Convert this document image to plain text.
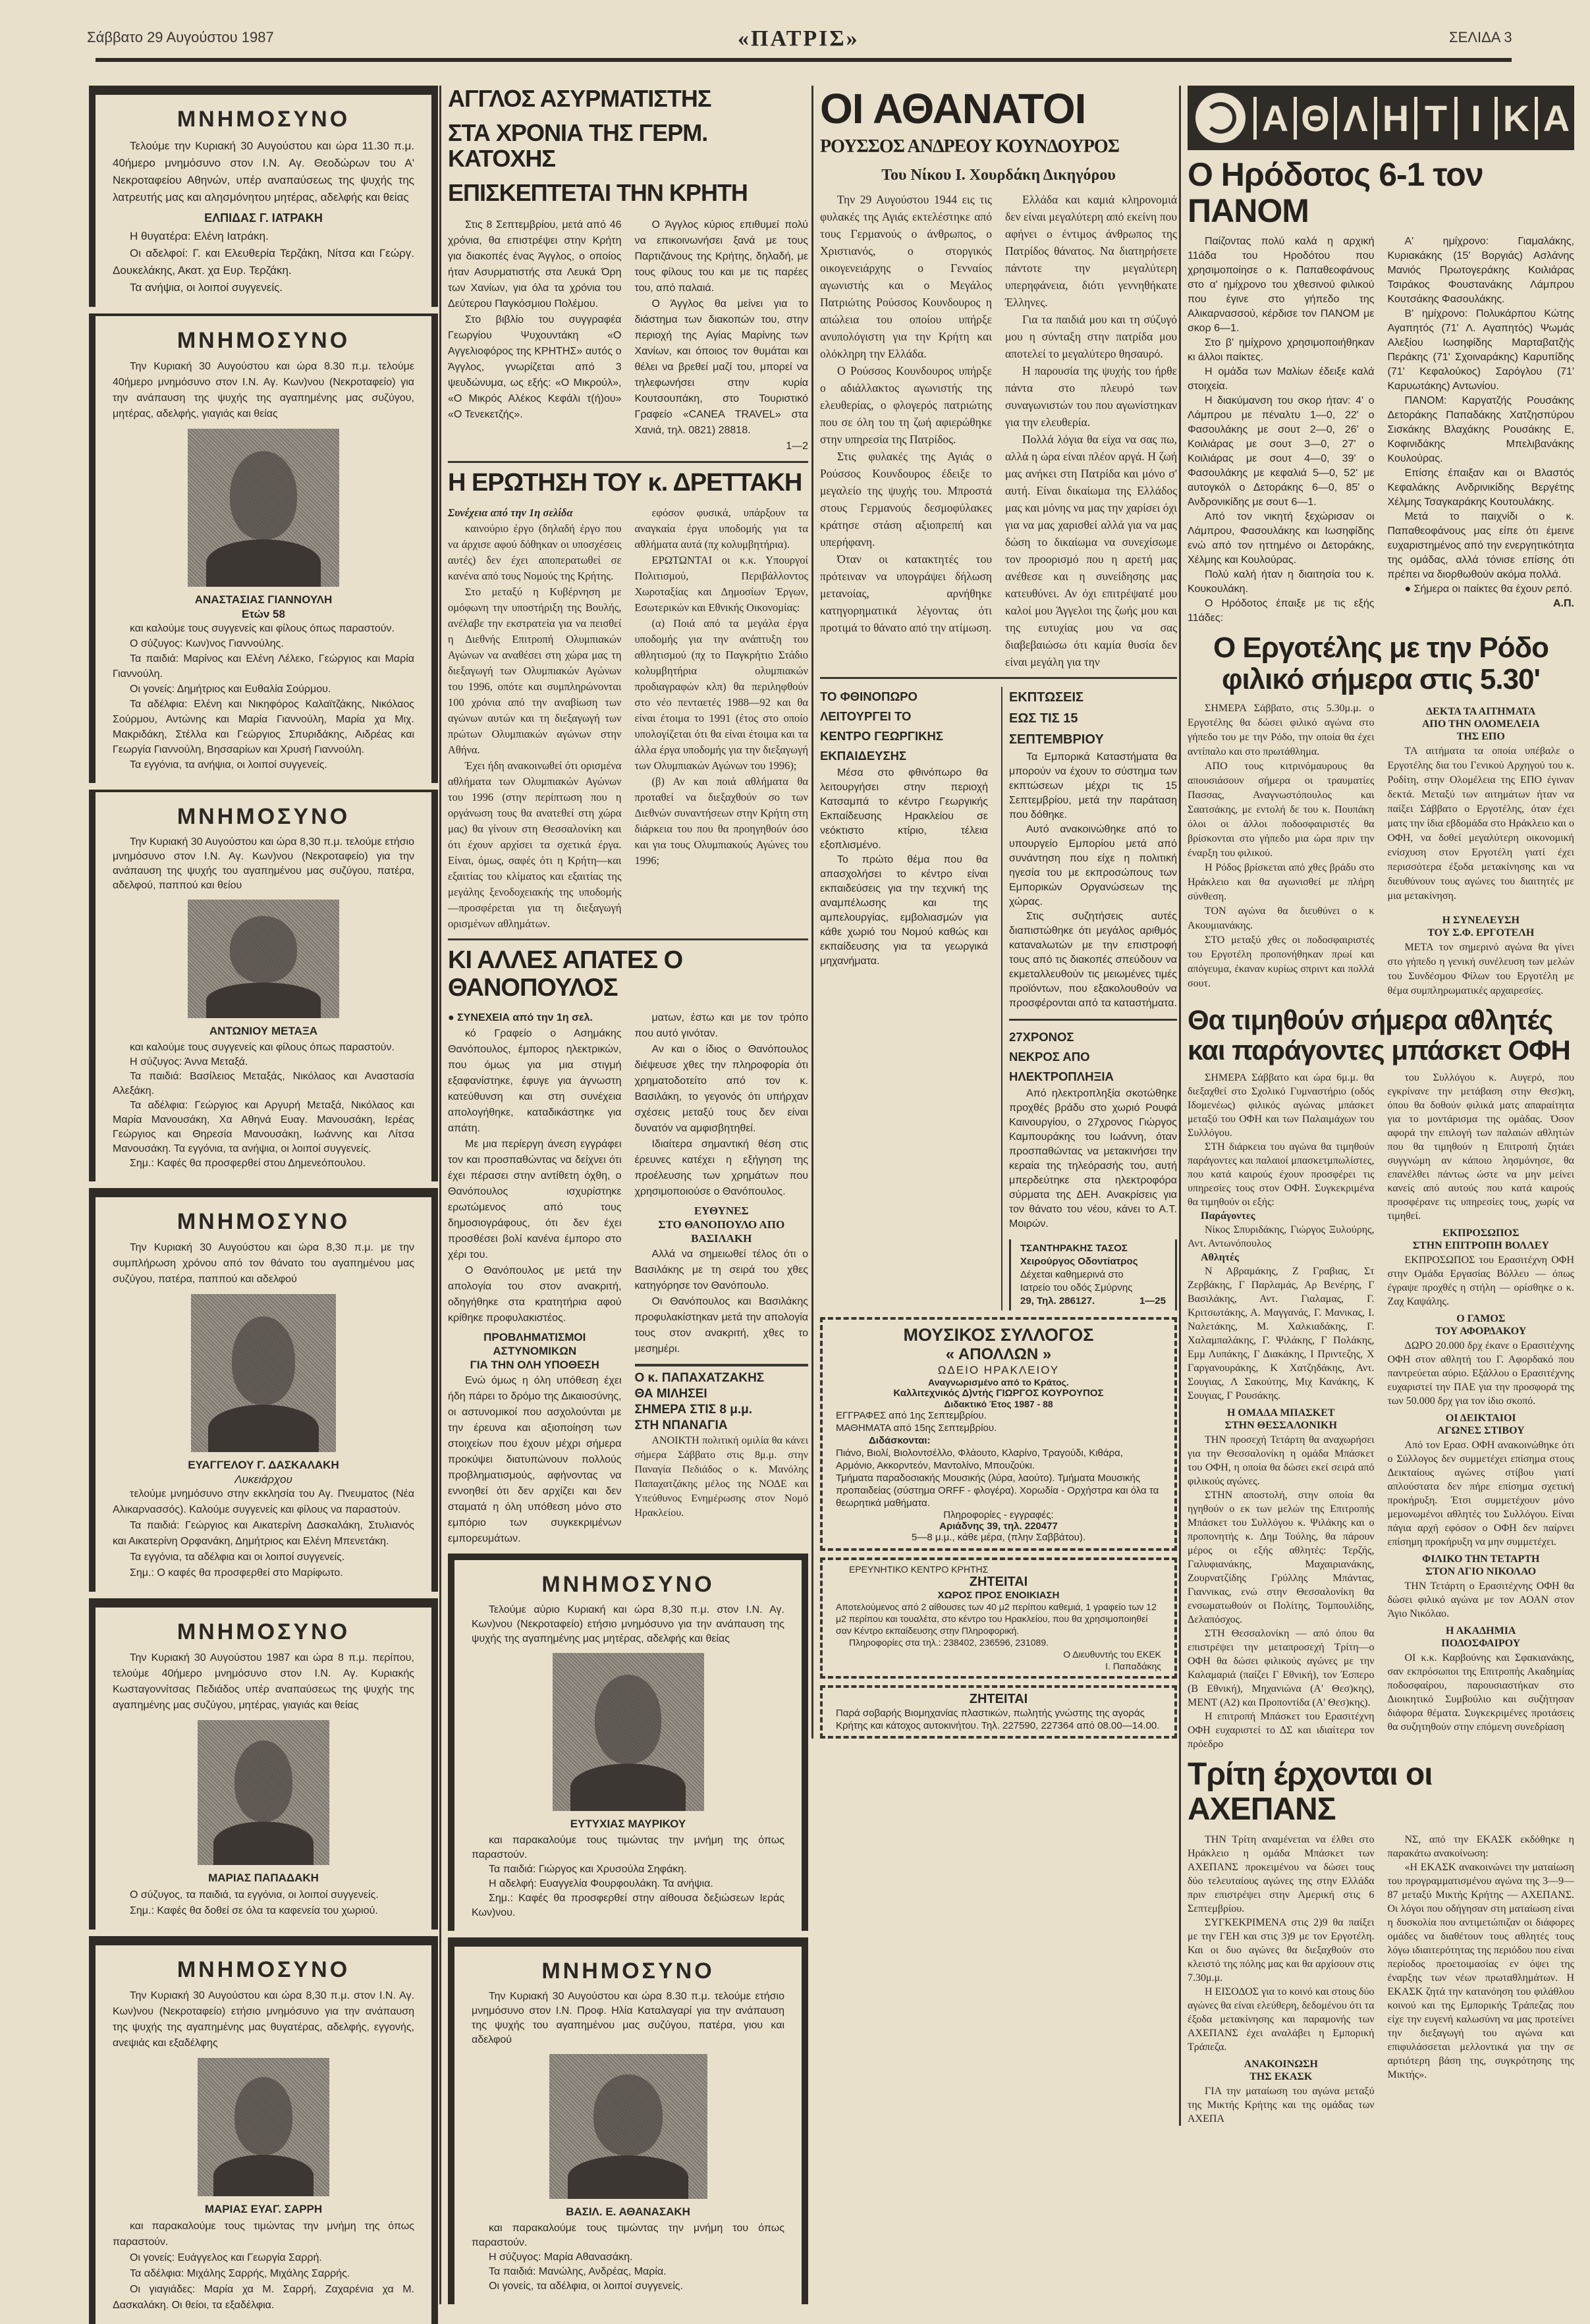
Σάββατο 29 Αυγούστου 1987	«ΠΑΤΡΙΣ»	ΣΕΛΙΔΑ 3
ΜΝΗΜΟΣΥΝΟ

Τελούμε την Κυριακή 30 Αυγούστου και ώρα 11.30 π.μ. 40ήμερο μνημόσυνο στον Ι.Ν. Αγ. Θεοδώρων του Α' Νεκροταφείου Αθηνών, υπέρ αναπαύσεως της ψυχής της λατρευτής μας και αλησμόνητου μητέρας, αδελφής και θείας

ΕΛΠΙΔΑΣ Γ. ΙΑΤΡΑΚΗ

Η θυγατέρα: Ελένη Ιατράκη.

Οι αδελφοί: Γ. και Ελευθερία Τερζάκη, Νίτσα και Γεώργ. Δουκελάκης, Ακατ. χα Ευρ. Τερζάκη.

Τα ανήψια, οι λοιποί συγγενείς.

ΜΝΗΜΟΣΥΝΟ

Την Κυριακή 30 Αυγούστου και ώρα 8.30 π.μ. τελούμε 40ήμερο μνημόσυνο στον Ι.Ν. Αγ. Κων)νου (Νεκροταφείο) για την ανάπαυση της ψυχής της αγαπημένης μας συζύγου, μητέρας, αδελφής, γιαγιάς και θείας

ΑΝΑΣΤΑΣΙΑΣ ΓΙΑΝΝΟΥΛΗ
Ετών 58

και καλούμε τους συγγενείς και φίλους όπως παραστούν.

Ο σύζυγος: Κων)νος Γιαννούλης.

Τα παιδιά: Μαρίνος και Ελένη Λέλεκο, Γεώργιος και Μαρία Γιαννούλη.

Οι γονείς: Δημήτριος και Ευθαλία Σούρμου.

Τα αδέλφια: Ελένη και Νικηφόρος Καλαϊτζάκης, Νικόλαος Σούρμου, Αντώνης και Μαρία Γιαννούλη, Μαρία χα Μιχ. Μακριδάκη, Στέλλα και Γεώργιος Σπυριδάκης, Αιδρέας και Γεωργία Γιαννούλη, Βησσαρίων και Χρυσή Γιαννούλη.

Τα εγγόνια, τα ανήψια, οι λοιποί συγγενείς.

ΜΝΗΜΟΣΥΝΟ

Την Κυριακή 30 Αυγούστου και ώρα 8,30 π.μ. τελούμε ετήσιο μνημόσυνο στον Ι.Ν. Αγ. Κων)νου (Νεκροταφείο) για την ανάπαυση της ψυχής του αγαπημένου μας συζύγου, πατέρα, αδελφού, παππού και θείου

ΑΝΤΩΝΙΟΥ ΜΕΤΑΞΑ

και καλούμε τους συγγενείς και φίλους όπως παραστούν.

Η σύζυγος: Άννα Μεταξά.

Τα παιδιά: Βασίλειος Μεταξάς, Νικόλαος και Αναστασία Αλεξάκη.

Τα αδέλφια: Γεώργιος και Αργυρή Μεταξά, Νικόλαος και Μαρία Μανουσάκη, Χα Αθηνά Ευαγ. Μανουσάκη, Ιερέας Γεώργιος και Θηρεσία Μανουσάκη, Ιωάννης και Λίτσα Μανουσάκη. Τα εγγόνια, τα ανήψια, οι λοιποί συγγενείς.

Σημ.: Καφές θα προσφερθεί στου Δημενεόπουλου.

ΜΝΗΜΟΣΥΝΟ

Την Κυριακή 30 Αυγούστου και ώρα 8,30 π.μ. με την συμπλήρωση χρόνου από τον θάνατο του αγαπημένου μας συζύγου, πατέρα, παππού και αδελφού

ΕΥΑΓΓΕΛΟΥ Γ. ΔΑΣΚΑΛΑΚΗ
Λυκειάρχου

τελούμε μνημόσυνο στην εκκλησία του Αγ. Πνευματος (Νέα Αλικαρνασσός). Καλούμε συγγενείς και φίλους να παραστούν.

Τα παιδιά: Γεώργιος και Αικατερίνη Δασκαλάκη, Στυλιανός και Αικατερίνη Ορφανάκη, Δημήτριος και Ελένη Μπενετάκη.

Τα εγγόνια, τα αδέλφια και οι λοιποί συγγενείς.

Σημ.: Ο καφές θα προσφερθεί στο Μαρίφωτο.

ΜΝΗΜΟΣΥΝΟ

Την Κυριακή 30 Αυγούστου 1987 και ώρα 8 π.μ. περίπου, τελούμε 40ήμερο μνημόσυνο στον Ι.Ν. Αγ. Κυριακής Κωσταγοννίτσας Πεδιάδος υπέρ αναπαύσεως της ψυχής της αγαπημένης μας συζύγου, μητέρας, γιαγιάς και θείας

ΜΑΡΙΑΣ ΠΑΠΑΔΑΚΗ

Ο σύζυγος, τα παιδιά, τα εγγόνια, οι λοιποί συγγενείς.

Σημ.: Καφές θα δοθεί σε όλα τα καφενεία του χωριού.

ΜΝΗΜΟΣΥΝΟ

Την Κυριακή 30 Αυγούστου και ώρα 8,30 π.μ. στον Ι.Ν. Αγ. Κων)νου (Νεκροταφείο) ετήσιο μνημόσυνο για την ανάπαυση της ψυχής της αγαπημένης μας θυγατέρας, αδελφής, εγγονής, ανεψιάς και εξαδέλφης

ΜΑΡΙΑΣ ΕΥΑΓ. ΣΑΡΡΗ

και παρακαλούμε τους τιμώντας την μνήμη της όπως παραστούν.

Οι γονείς: Ευάγγελος και Γεωργία Σαρρή.

Τα αδέλφια: Μιχάλης Σαρρής, Μιχάλης Σαρρής.

Οι γιαγιάδες: Μαρία χα Μ. Σαρρή, Ζαχαρένια χα Μ. Δασκαλάκη. Οι θείοι, τα εξαδέλφια.

ΑΓΓΛΟΣ ΑΣΥΡΜΑΤΙΣΤΗΣ
ΣΤΑ ΧΡΟΝΙΑ ΤΗΣ ΓΕΡΜ. ΚΑΤΟΧΗΣ
ΕΠΙΣΚΕΠΤΕΤΑΙ ΤΗΝ ΚΡΗΤΗ

Στις 8 Σεπτεμβρίου, μετά από 46 χρόνια, θα επιστρέψει στην Κρήτη για διακοπές ένας Άγγλος, ο οποίος ήταν Ασυρματιστής στα Λευκά Όρη των Χανίων, για όλα τα χρόνια του Δεύτερου Παγκόσμιου Πολέμου.

Στο βιβλίο του συγγραφέα Γεωργίου Ψυχουντάκη «Ο Αγγελιοφόρος της ΚΡΗΤΗΣ» αυτός ο Άγγλος, γνωρίζεται από 3 ψευδώνυμα, ως εξής: «Ο Μικρούλ», «Ο Μικρός Αλέκος Κεφάλι τ(ή)ου» «Ο Τενεκετζής».

Ο Άγγλος κύριος επιθυμεί πολύ να επικοινωνήσει ξανά με τους Παρτιζάνους της Κρήτης, δηλαδή, με τους φίλους του και με τις παρέες του, από παλαιά.

Ο Άγγλος θα μείνει για το διάστημα των διακοπών του, στην περιοχή της Αγίας Μαρίνης των Χανίων, και όποιος τον θυμάται και θέλει να βρεθεί μαζί του, μπορεί να τηλεφωνήσει στην κυρία Κουτσουπάκη, στο Τουριστικό Γραφείο «CANEA TRAVEL» στα Χανιά, τηλ. 0821) 28818.

1—2
Η ΕΡΩΤΗΣΗ ΤΟΥ κ. ΔΡΕΤΤΑΚΗ
Συνέχεια από την 1η σελίδα

καινούριο έργο (δηλαδή έργο που να άρχισε αφού δόθηκαν οι υποσχέσεις αυτές) δεν έχει αποπερατωθεί σε κανένα από τους Νομούς της Κρήτης.

Στο μεταξύ η Κυβέρνηση με ομόφωνη την υποστήριξη της Βουλής, ανέλαβε την εκστρατεία για να πεισθεί η Διεθνής Επιτροπή Ολυμπιακών Αγώνων να αναθέσει στη χώρα μας τη διεξαγωγή των Ολυμπιακών Αγώνων του 1996, οπότε και συμπληρώνονται 100 χρόνια από την αναβίωση των αγώνων αυτών και τη διεξαγωγή των πρώτων Ολυμπιακών αγώνων στην Αθήνα.

Έχει ήδη ανακοινωθεί ότι ορισμένα αθλήματα των Ολυμπιακών Αγώνων του 1996 (στην περίπτωση που η οργάνωση τους θα ανατεθεί στη χώρα μας) θα γίνουν στη Θεσσαλονίκη και ότι έχουν αρχίσει τα σχετικά έργα. Είναι, όμως, σαφές ότι η Κρήτη—και εξαιτίας του κλίματος και εξαιτίας της μεγάλης ξενοδοχειακής της υποδομής—προσφέρεται για τη διεξαγωγή ορισμένων αθλημάτων.

εφόσον φυσικά, υπάρξουν τα αναγκαία έργα υποδομής για τα αθλήματα αυτά (πχ κολυμβητήρια).

ΕΡΩΤΩΝΤΑΙ οι κ.κ. Υπουργοί Πολιτισμού, Περιβάλλοντος Χωροταξίας και Δημοσίων Έργων, Εσωτερικών και Εθνικής Οικονομίας:

(α) Ποιά από τα μεγάλα έργα υποδομής για την ανάπτυξη του αθλητισμού (πχ το Παγκρήτιο Στάδιο κολυμβητήρια ολυμπιακών προδιαγραφών κλπ) θα περιληφθούν στο νέο πενταετές 1988—92 και θα είναι έτοιμα το 1991 (έτος στο οποίο υπολογίζεται ότι θα είναι έτοιμα και τα άλλα έργα υποδομής για την διεξαγωγή των Ολυμπιακών Αγώνων του 1996);

(β) Αν και ποιά αθλήματα θα προταθεί να διεξαχθούν σο των Διεθνών συναντήσεων στην Κρήτη στη διάρκεια του που θα προηγηθούν όσο και για τους Ολυμπιακούς Αγώνες του 1996;

ΚΙ ΑΛΛΕΣ ΑΠΑΤΕΣ Ο ΘΑΝΟΠΟΥΛΟΣ
● ΣΥΝΕΧΕΙΑ από την 1η σελ.

κό Γραφείο ο Ασημάκης Θανόπουλος, έμπορος ηλεκτρικών, που όμως για μια στιγμή εξαφανίστηκε, έφυγε για άγνωστη κατεύθυνση και στη συνέχεια απολογήθηκε, καταδικάστηκε για απάτη.

Με μια περίεργη άνεση εγγράφει τον και προσπαθώντας να δείχνει ότι έχει πέρασει στην αντίθετη όχθη, ο Θανόπουλος ισχυρίστηκε ερωτώμενος από τους δημοσιογράφους, ότι δεν έχει προσθέσει βολί κανένα έμπορο στο χέρι του.

Ο Θανόπουλος με μετά την απολογία του στον ανακριτή, οδηγήθηκε στα κρατητήρια αφού κρίθηκε προφυλακιστέος.

ΠΡΟΒΛΗΜΑΤΙΣΜΟΙ
ΑΣΤΥΝΟΜΙΚΩΝ
ΓΙΑ ΤΗΝ ΟΛΗ ΥΠΟΘΕΣΗ

Ενώ όμως η όλη υπόθεση έχει ήδη πάρει το δρόμο της Δικαιοσύνης, οι αστυνομικοί που ασχολούνται με την έρευνα και αξιοποίηση των στοιχείων που έχουν μέχρι σήμερα προκύψει διατυπώνουν πολλούς προβληματισμούς, αφήνοντας να εννοηθεί ότι δεν αρχίζει και δεν σταματά η όλη υπόθεση μόνο στο εμπόριο των συγκεκριμένων εμπορευμάτων.

ματων, έστω και με τον τρόπο που αυτό γινόταν.

Αν και ο ίδιος ο Θανόπουλος διέψευσε χθες την πληροφορία ότι χρηματοδοτείτο από τον κ. Βασιλάκη, το γεγονός ότι υπήρχαν σχέσεις μεταξύ τους δεν είναι δυνατόν να αμφισβητηθεί.

Ιδιαίτερα σημαντική θέση στις έρευνες κατέχει η εξήγηση της προέλευσης των χρημάτων που χρησιμοποιούσε ο Θανόπουλος.

ΕΥΘΥΝΕΣ
ΣΤΟ ΘΑΝΟΠΟΥΛΟ ΑΠΟ
ΒΑΣΙΛΑΚΗ

Αλλά να σημειωθεί τέλος ότι ο Βασιλάκης με τη σειρά του χθες κατηγόρησε τον Θανόπουλο.

Οι Θανόπουλος και Βασιλάκης προφυλακίστηκαν μετά την απολογία τους στον ανακριτή, χθες το μεσημέρι.

Ο κ. ΠΑΠΑΧΑΤΖΑΚΗΣ
ΘΑ ΜΙΛΗΣΕΙ
ΣΗΜΕΡΑ ΣΤΙΣ 8 μ.μ.
ΣΤΗ ΝΠΑΝΑΓΙΑ

ΑΝΟΙΚΤΗ πολιτική ομιλία θα κάνει σήμερα Σάββατο στις 8μ.μ. στην Παναγία Πεδιάδος ο κ. Μανόλης Παπαχατζάκης μέλος της ΝΟΔΕ και Υπεύθυνος Ενημέρωσης στον Νομό Ηρακλείου.

ΜΝΗΜΟΣΥΝΟ

Τελούμε αύριο Κυριακή και ώρα 8,30 π.μ. στον Ι.Ν. Αγ. Κων)νου (Νεκροταφείο) ετήσιο μνημόσυνο για την ανάπαυση της ψυχής της αγαπημένης μας μητέρας, αδελφής και θείας

ΕΥΤΥΧΙΑΣ ΜΑΥΡΙΚΟΥ

και παρακαλούμε τους τιμώντας την μνήμη της όπως παραστούν.

Τα παιδιά: Γιώργος και Χρυσούλα Σηφάκη.

Η αδελφή: Ευαγγελία Φουρφουλάκη. Τα ανήψια.

Σημ.: Καφές θα προσφερθεί στην αίθουσα δεξιώσεων Ιεράς Κων)νου.

ΜΝΗΜΟΣΥΝΟ

Την Κυριακή 30 Αυγούστου και ώρα 8.30 π.μ. τελούμε ετήσιο μνημόσυνο στον Ι.Ν. Προφ. Ηλία Καταλαγαρί για την ανάπαυση της ψυχής του αγαπημένου μας συζύγου, πατέρα, γιου και αδελφού

ΒΑΣΙΛ. Ε. ΑΘΑΝΑΣΑΚΗ

και παρακαλούμε τους τιμώντας την μνήμη του όπως παραστούν.

Η σύζυγος: Μαρία Αθανασάκη.

Τα παιδιά: Μανώλης, Ανδρέας, Μαρία.

Οι γονείς, τα αδέλφια, οι λοιποί συγγενείς.

ΟΙ ΑΘΑΝΑΤΟΙ
ΡΟΥΣΣΟΣ ΑΝΔΡΕΟΥ ΚΟΥΝΔΟΥΡΟΣ
Του Νίκου Ι. Χουρδάκη Δικηγόρου

Την 29 Αυγούστου 1944 εις τις φυλακές της Αγιάς εκτελέστηκε από τους Γερμανούς ο άνθρωπος, ο Χριστιανός, ο στοργικός οικογενειάρχης ο Γενναίος αγωνιστής και ο Μεγάλος Πατριώτης Ρούσσος Κουνδουρος η απώλεια του οποίου υπήρξε ανυπολόγιστη για την Κρήτη και ολόκληρη την Ελλάδα.

Ο Ρούσσος Κουνδουρος υπήρξε ο αδιάλλακτος αγωνιστής της ελευθερίας, ο φλογερός πατριώτης που σε όλη του τη ζωή αφιερώθηκε στην υπηρεσία της Πατρίδος.

Στις φυλακές της Αγιάς ο Ρούσσος Κουνδουρος έδειξε το μεγαλείο της ψυχής του. Μπροστά στους Γερμανούς δεσμοφύλακες κράτησε στάση αξιοπρεπή και υπερήφανη.

Όταν οι κατακτητές του πρότειναν να υπογράψει δήλωση μετανοίας, αρνήθηκε κατηγορηματικά λέγοντας ότι προτιμά το θάνατο από την ατίμωση.

Ελλάδα και καμιά κληρονομιά δεν είναι μεγαλύτερη από εκείνη που αφήνει ο έντιμος άνθρωπος της Πατρίδος θάνατος. Να διατηρήσετε πάντοτε την μεγαλύτερη υπερηφάνεια, διότι γεννηθήκατε Έλληνες.

Για τα παιδιά μου και τη σύζυγό μου η σύνταξη στην πατρίδα μου αποτελεί το μεγαλύτερο θησαυρό.

Η παρουσία της ψυχής του ήρθε πάντα στο πλευρό των συναγωνιστών του που αγωνίστηκαν για την ελευθερία.

Πολλά λόγια θα είχα να σας πω, αλλά η ώρα είναι πλέον αργά. Η ζωή μας ανήκει στη Πατρίδα και μόνο σ' αυτή. Είναι δικαίωμα της Ελλάδος μας και μόνης να μας την χαρίσει όχι για να μας χαρισθεί αλλά για να μας δώση το δικαίωμα να συνεχίσωμε τον προορισμό που η αρετή μας ανέθεσε και η συνείδησης μας κατευθύνει. Αν όχι επιτρέψατέ μου καλοί μου Άγγελοι της ζωής μου και της ευτυχίας μου να σας διαβεβαιώσω ότι καμία θυσία δεν είναι μεγάλη για την

ΤΟ ΦΘΙΝΟΠΩΡΟ
ΛΕΙΤΟΥΡΓΕΙ ΤΟ
ΚΕΝΤΡΟ ΓΕΩΡΓΙΚΗΣ
ΕΚΠΑΙΔΕΥΣΗΣ

Μέσα στο φθινόπωρο θα λειτουργήσει στην περιοχή Κατσαμπά το κέντρο Γεωργικής Εκπαίδευσης Ηρακλείου σε νεόκτιστο κτίριο, τέλεια εξοπλισμένο.

Το πρώτο θέμα που θα απασχολήσει το κέντρο είναι εκπαιδεύσεις για την τεχνική της αναμπέλωσης και της αμπελουργίας, εμβολιασμών για κάθε χωριό του Νομού καθώς και εκπαίδευσης για τα γεωργικά μηχανήματα.

ΕΚΠΤΩΣΕΙΣ
ΕΩΣ ΤΙΣ 15
ΣΕΠΤΕΜΒΡΙΟΥ

Τα Εμπορικά Καταστήματα θα μπορούν να έχουν το σύστημα των εκπτώσεων μέχρι τις 15 Σεπτεμβρίου, μετά την παράταση που δόθηκε.

Αυτό ανακοινώθηκε από το υπουργείο Εμπορίου μετά από συνάντηση που είχε η πολιτική ηγεσία του με εκπροσώπους των Εμπορικών Οργανώσεων της χώρας.

Στις συζητήσεις αυτές διαπιστώθηκε ότι μεγάλος αριθμός καταναλωτών με την επιστροφή τους από τις διακοπές σπεύδουν να εκμεταλλευθούν τις μειωμένες τιμές προϊόντων, που εξακολουθούν να προσφέρονται από τα καταστήματα.

27ΧΡΟΝΟΣ
ΝΕΚΡΟΣ ΑΠΟ
ΗΛΕΚΤΡΟΠΛΗΞΙΑ

Από ηλεκτροπληξία σκοτώθηκε προχθές βράδυ στο χωριό Ρουφά Καινουργίου, ο 27χρονος Γιώργος Καμπουράκης του Ιωάννη, όταν προσπαθώντας να μετακινήσει την κεραία της τηλεόρασής του, αυτή μπερδεύτηκε στα ηλεκτροφόρα σύρματα της ΔΕΗ. Ανακρίσεις για τον θάνατο του νέου, κάνει το Α.Τ. Μοιρών.

ΤΣΑΝΤΗΡΑΚΗΣ ΤΑΣΟΣ
Χειρούργος Οδοντίατρος
Δέχεται καθημερινά στο
Ιατρείο του οδός Σμύρνης
29, Τηλ. 286127.	1—25
ΜΟΥΣΙΚΟΣ ΣΥΛΛΟΓΟΣ
« ΑΠΟΛΛΩΝ »
ΩΔΕΙΟ ΗΡΑΚΛΕΙΟΥ
Αναγνωρισμένο από το Κράτος.
Καλλιτεχνικός Δ)ντής ΓΙΩΡΓΟΣ ΚΟΥΡΟΥΠΟΣ
Διδακτικό Έτος 1987 - 88
ΕΓΓΡΑΦΕΣ από 1ης Σεπτεμβρίου.
ΜΑΘΗΜΑΤΑ από 15ης Σεπτεμβρίου.
Διδάσκονται:
Πιάνο, Βιολί, Βιολοντσέλλο, Φλάουτο, Κλαρίνο, Τραγούδι, Κιθάρα, Αρμόνιο, Ακκορντεόν, Μαντολίνο, Μπουζούκι.
Τμήματα παραδοσιακής Μουσικής (λύρα, λαούτο). Τμήματα Μουσικής προπαιδείας (σύστημα ORFF - φλογέρα). Χορωδία - Ορχήστρα και όλα τα θεωρητικά μαθήματα.
Πληροφορίες - εγγραφές:
Αριάδνης 39, τηλ. 220477
5—8 μ.μ., κάθε μέρα, (πλην Σαββάτου).
ΕΡΕΥΝΗΤΙΚΟ ΚΕΝΤΡΟ ΚΡΗΤΗΣ
ΖΗΤΕΙΤΑΙ
ΧΩΡΟΣ ΠΡΟΣ ΕΝΟΙΚΙΑΣΗ
Αποτελούμενος από 2 αίθουσες των 40 μ2 περίπου καθεμιά, 1 γραφείο των 12 μ2 περίπου και τουαλέτα, στο κέντρο του Ηρακλείου, που θα χρησιμοποιηθεί σαν Κέντρο εκπαίδευσης στην Πληροφορική.
Πληροφορίες στα τηλ.: 238402, 236596, 231089.
Ο Διευθυντής του ΕΚΕΚ
Ι. Παπαδάκης
ΖΗΤΕΙΤΑΙ
Παρά σοβαρής Βιομηχανίας πλαστικών, πωλητής γνώστης της αγοράς Κρήτης και κάτοχος αυτοκινήτου. Τηλ. 227590, 227364 από 08.00—14.00.
Α Θ Λ Η Τ Ι Κ Α
Ο Ηρόδοτος 6-1 τον ΠΑΝΟΜ

Παίζοντας πολύ καλά η αρχική 11άδα του Ηροδότου που χρησιμοποίησε ο κ. Παπαθεοφάνους στο α' ημίχρονο του χθεσινού φιλικού που έγινε στο γήπεδο της Αλικαρνασσού, κέρδισε τον ΠΑΝΟΜ με σκορ 6—1.

Στο β' ημίχρονο χρησιμοποιήθηκαν κι άλλοι παίκτες.

Η ομάδα των Μαλίων έδειξε καλά στοιχεία.

Η διακύμανση του σκορ ήταν: 4' ο Λάμπρου με πέναλτυ 1—0, 22' ο Φασουλάκης με σουτ 2—0, 26' ο Κοιλιάρας με σουτ 3—0, 27' ο Κοιλιάρας με σουτ 4—0, 39' ο Φασουλάκης με κεφαλιά 5—0, 52' με αυτογκόλ ο Δετοράκης 6—0, 85' ο Ανδρονικίδης με σουτ 6—1.

Από τον νικητή ξεχώρισαν οι Λάμπρου, Φασουλάκης και Ιωσηφίδης ενώ από τον ηττημένο οι Δετοράκης, Χέλμης και Κουλούρας.

Πολύ καλή ήταν η διαιτησία του κ. Κουκουλάκη.

Ο Ηρόδοτος έπαιξε με τις εξής 11άδες:

Α' ημίχρονο: Γιαμαλάκης, Κυριακάκης (15' Βοργιάς) Ασλάνης Μανιός Πρωτογεράκης Κοιλιάρας Τσιράκος Φουστανάκης Λάμπρου Κουτσάκης Φασουλάκης.

Β' ημίχρονο: Πολυκάρπου Κώτης Αγαπητός (71' Λ. Αγαπητός) Ψωμάς Αλεξίου Ιωσηφίδης Μαρταβατζής Περάκης (71' Σχοιναράκης) Καρυπίδης (71' Κεφαλούκος) Σαρόγλου (71' Καρυωτάκης) Αντωνίου.

ΠΑΝΟΜ: Καργατζής Ρουσάκης Δετοράκης Παπαδάκης Χατζησπύρου Σισκάκης Βλαχάκης Ρουσάκης Ε, Κοφινιδάκης Μπελιβανάκης Κουλούρας.

Επίσης έπαιξαν και οι Βλαστός Κεφαλάκης Ανδρινικίδης Βεργέτης Χέλμης Τσαγκαράκης Κουτουλάκης.

Μετά το παιχνίδι ο κ. Παπαθεοφάνους μας είπε ότι έμεινε ευχαριστημένος από την ενεργητικότητα της ομάδας, αλλά τόνισε επίσης ότι πρέπει να διορθωθούν ακόμα πολλά.

● Σήμερα οι παίκτες θα έχουν ρεπό.

Α.Π.
Ο Εργοτέλης με την Ρόδο
φιλικό σήμερα στις 5.30'

ΣΗΜΕΡΑ Σάββατο, στις 5.30μ.μ. ο Εργοτέλης θα δώσει φιλικό αγώνα στο γήπεδο του με την Ρόδο, την οποία θα έχει αντίπαλο και στο πρωτάθλημα.

ΑΠΟ τους κιτρινόμαυρους θα απουσιάσουν σήμερα οι τραυματίες Πασσας, Αναγνωστόπουλος και Σαατσάκης, με εντολή δε του κ. Πουπάκη όλοι οι άλλοι ποδοσφαιριστές θα βρίσκονται στο γήπεδο μια ώρα πριν την έναρξη του φιλικού.

Η Ρόδος βρίσκεται από χθες βράδυ στο Ηράκλειο και θα αγωνισθεί με πλήρη σύνθεση.

ΤΟΝ αγώνα θα διευθύνει ο κ Ακουμιανάκης.

ΣΤΟ μεταξύ χθες οι ποδοσφαιριστές του Εργοτέλη προπονήθηκαν πρωί και απόγευμα, έκαναν κυρίως σπριντ και πολλά σουτ.

ΔΕΚΤΑ ΤΑ ΑΙΤΗΜΑΤΑ
ΑΠΟ ΤΗΝ ΟΛΟΜΕΛΕΙΑ
ΤΗΣ ΕΠΟ

ΤΑ αιτήματα τα οποία υπέβαλε ο Εργοτέλης δια του Γενικού Αρχηγού του κ. Ροδίτη, στην Ολομέλεια της ΕΠΟ έγιναν δεκτά. Μεταξύ των αιτημάτων ήταν να παίξει Σάββατο ο Εργοτέλης, όταν έχει ματς την ίδια εβδομάδα στο Ηράκλειο και ο ΟΦΗ, να δοθεί μεγαλύτερη οικονομική ενίσχυση στον Εργοτέλη γιατί έχει περισσότερα έξοδα μετακίνησης και να διευθύνουν τους αγώνες του διαιτητές με μια μετακίνηση.

Η ΣΥΝΕΛΕΥΣΗ
ΤΟΥ Σ.Φ. ΕΡΓΟΤΕΛΗ

ΜΕΤΑ τον σημερινό αγώνα θα γίνει στο γήπεδο η γενική συνέλευση των μελών του Συνδέσμου Φίλων του Εργοτέλη με θέμα συμπληρωματικές αρχαιρεσίες.

Θα τιμηθούν σήμερα αθλητές
και παράγοντες μπάσκετ ΟΦΗ

ΣΗΜΕΡΑ Σάββατο και ώρα 6μ.μ. θα διεξαχθεί στο Σχολικό Γυμναστήριο (οδός Ιδομενέως) φιλικός αγώνας μπάσκετ μεταξύ του ΟΦΗ και των Παλαιμάχων του Συλλόγου.

ΣΤΗ διάρκεια του αγώνα θα τιμηθούν παράγοντες και παλαιοί μπασκετμπωλίστες, που κατά καιρούς έχουν προσφέρει τις υπηρεσίες τους στον ΟΦΗ. Συγκεκριμένα θα τιμηθούν οι εξής:

Παράγοντες

Νίκος Σπυριδάκης, Γιώργος Ξυλούρης, Αντ. Αντωνόπουλος

Αθλητές

Ν Αβραμάκης, Ζ Γραβιας, Στ Ζερβάκης, Γ Παρλαμάς, Αρ Βενέρης, Γ Βασιλάκης, Αντ. Γιαλαμας, Γ. Κριτσωτάκης, Α. Μαγγανάς, Γ. Μανικας, Ι. Ναλετάκης, Μ. Χαλκιαδάκης, Γ. Χαλαμπαλάκης, Γ. Ψιλάκης, Γ Πολάκης, Εμμ Λυπάκης, Γ Διακάκης, Ι Πριντεζης, Χ Γαργανουράκης, Κ Χατζηδάκης, Αντ. Σουγιας, Λ Σακούτης, Μιχ Κανάκης, Κ Σουγιας, Γ Ρουσάκης.

Η ΟΜΑΔΑ ΜΠΑΣΚΕΤ
ΣΤΗΝ ΘΕΣΣΑΛΟΝΙΚΗ

ΤΗΝ προσεχή Τετάρτη θα αναχωρήσει για την Θεσσαλονίκη η ομάδα Μπάσκετ του ΟΦΗ, η οποία θα δώσει εκεί σειρά από φιλικούς αγώνες.

ΣΤΗΝ αποστολή, στην οποία θα ηγηθούν ο εκ των μελών της Επιτροπής Μπάσκετ του Συλλόγου κ. Ψιλάκης και ο προπονητής κ. Δημ Τούλης, θα πάρουν μέρος οι εξής αθλητές: Τερζής, Γαλυφιανάκης, Μαχαιριανάκης, Ζουρνατζίδης Γρύλλης Μπάντας, Γιαννικας, ενώ στην Θεσσαλονίκη θα ενσωματωθούν οι Πολίτης, Τομπουλίδης, Δελαπόσχος.

ΣΤΗ Θεσσαλονίκη — από όπου θα επιστρέψει την μεταπροσεχή Τρίτη—ο ΟΦΗ θα δώσει φιλικούς αγώνες με την Καλαμαριά (παίζει Γ Εθνική), τον Έσπερο (Β Εθνική), Μηχανιώνα (Α' Θεσ)κης), ΜΕΝΤ (Α2) και Προποντίδα (Α' Θεσ)κης).

Η επιτροπή Μπάσκετ του Ερασιτέχνη ΟΦΗ ευχαριστεί το ΔΣ και ιδιαίτερα τον πρόεδρο

του Συλλόγου κ. Αυγερό, που εγκρίνανε την μετάβαση στην Θεσ)κη, όπου θα δοθούν φιλικά ματς απαραίτητα για το μοντάρισμα της ομάδας. Όσον αφορά την επιλογή των παλαιών αθλητών που θα τιμηθούν η Επιτροπή ζητάει συγγνώμη αν κάποιο λησμόνησε, θα επανέλθει πάντως ώστε να μην μείνει κανείς από αυτούς που κατά καιρούς προσφέρανε τις υπηρεσίες τους, χωρίς να τιμηθεί.

ΕΚΠΡΟΣΩΠΟΣ
ΣΤΗΝ ΕΠΙΤΡΟΠΗ ΒΟΛΛΕΥ

ΕΚΠΡΟΣΩΠΟΣ του Ερασιτέχνη ΟΦΗ στην Ομάδα Εργασίας Βόλλευ — όπως έγραψε προχθές η στήλη — ορίσθηκε ο κ. Ζαχ Καψάλης.

Ο ΓΑΜΟΣ
ΤΟΥ ΑΦΟΡΔΑΚΟΥ

ΔΩΡΟ 20.000 δρχ έκανε ο Ερασιτέχνης ΟΦΗ στον αθλητή του Γ. Αφορδακό που παντρεύεται αύριο. Εξάλλου ο Ερασιτέχνης ευχαριστεί την ΠΑΕ για την προσφορά της των 50.000 δρχ για τον ίδιο σκοπό.

ΟΙ ΔΕΙΚΤΑΙΟΙ
ΑΓΩΝΕΣ ΣΤΙΒΟΥ

Από τον Ερασ. ΟΦΗ ανακοινώθηκε ότι ο Σύλλογος δεν συμμετέχει επίσημα στους Δεικταίους αγώνες στίβου γιατί απλούστατα δεν πήρε επίσημα σχετική προκήρυξη. Έτσι συμμετέχουν μόνο μεμονωμένοι αθλητές του Συλλόγου. Είναι πάγια αρχή εφόσον ο ΟΦΗ δεν παίρνει επίσημη προκήρυξη να μην συμμετέχει.

ΦΙΛΙΚΟ ΤΗΝ ΤΕΤΑΡΤΗ
ΣΤΟΝ ΑΓΙΟ ΝΙΚΟΛΑΟ

ΤΗΝ Τετάρτη ο Ερασιτέχνης ΟΦΗ θα δώσει φιλικό αγώνα με τον ΑΟΑΝ στον Άγιο Νικόλαο.

Η ΑΚΑΔΗΜΙΑ
ΠΟΔΟΣΦΑΙΡΟΥ

ΟΙ κ.κ. Καρβούνης και Σφακιανάκης, σαν εκπρόσωποι της Επιτροπής Ακαδημίας ποδοσφαίρου, παρουσιαστήκαν στο Διοικητικό Συμβούλιο και συζήτησαν διάφορα θέματα. Συγκεκριμένες προτάσεις θα συζητηθούν στην επόμενη συνεδρίαση

Τρίτη έρχονται οι ΑΧΕΠΑΝΣ

ΤΗΝ Τρίτη αναμένεται να έλθει στο Ηράκλειο η ομάδα Μπάσκετ των ΑΧΕΠΑΝΣ προκειμένου να δώσει τους δύο τελευταίους αγώνες της στην Ελλάδα πριν επιστρέψει στην Αμερική στις 6 Σεπτεμβρίου.

ΣΥΓΚΕΚΡΙΜΕΝΑ στις 2)9 θα παίξει με την ΓΕΗ και στις 3)9 με τον Εργοτέλη. Και οι δυο αγώνες θα διεξαχθούν στο κλειστό της πόλης μας και θα αρχίσουν στις 7.30μ.μ.

Η ΕΙΣΟΔΟΣ για το κοινό και στους δύο αγώνες θα είναι ελεύθερη, δεδομένου ότι τα έξοδα μετακίνησης και παραμονής των ΑΧΕΠΑΝΣ έχει αναλάβει η Εμπορική Τράπεζα.

ΑΝΑΚΟΙΝΩΣΗ
ΤΗΣ ΕΚΑΣΚ

ΓΙΑ την ματαίωση του αγώνα μεταξύ της Μικτής Κρήτης και της ομάδας των ΑΧΕΠΑ

ΝΣ, από την ΕΚΑΣΚ εκδόθηκε η παρακάτω ανακοίνωση:

«Η ΕΚΑΣΚ ανακοινώνει την ματαίωση του προγραμματισμένου αγώνα της 3—9—87 μεταξύ Μικτής Κρήτης — ΑΧΕΠΑΝΣ. Οι λόγοι που οδήγησαν στη ματαίωση είναι η δυσκολία που αντιμετώπιζαν οι διάφορες ομάδες να διαθέτουν τους αθλητές τους λόγω ιδιαιτερότητας της περιόδου που είναι περίοδος προετοιμασίας εν όψει της έναρξης των νέων πρωταθλημάτων. Η ΕΚΑΣΚ ζητά την κατανόηση του φιλάθλου κοινού και της Εμπορικής Τράπεζας που είχε την ευγενή καλωσύνη να μας προτείνει την διεξαγωγή του αγώνα και επιφυλάσσεται μελλοντικά για την σε αρτιότερη βάση της, συγκρότησης της Μικτής».
